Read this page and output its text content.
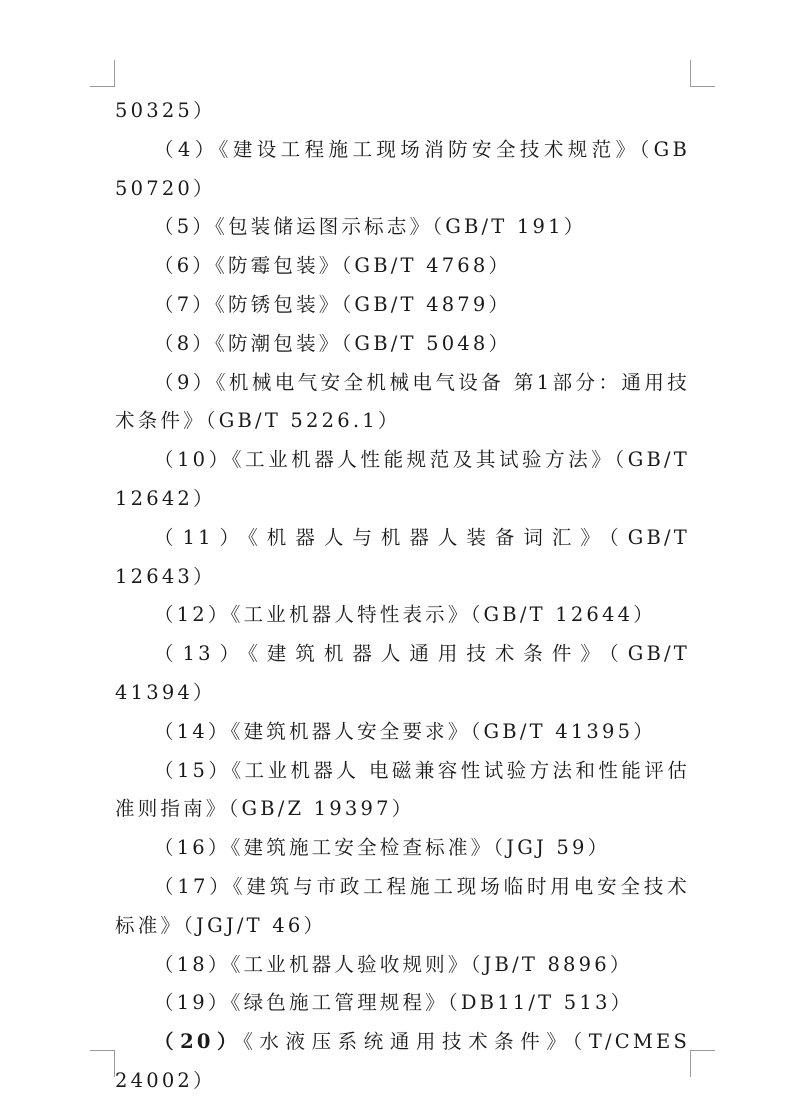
50325）

（4）《建设工程施工现场消防安全技术规范》（GB 50720）

（5）《包装储运图示标志》（GB/T 191）

（6）《防霉包装》（GB/T 4768）

（7）《防锈包装》（GB/T 4879）

（8）《防潮包装》（GB/T 5048）

（9）《机械电气安全机械电气设备 第1部分：通用技术条件》（GB/T 5226.1）

（10）《工业机器人性能规范及其试验方法》（GB/T 12642）

（11）《机器人与机器人装备词汇》（GB/T 12643）

（12）《工业机器人特性表示》（GB/T 12644）

（13）《建筑机器人通用技术条件》（GB/T 41394）

（14）《建筑机器人安全要求》（GB/T 41395）

（15）《工业机器人 电磁兼容性试验方法和性能评估准则指南》（GB/Z 19397）

（16）《建筑施工安全检查标准》（JGJ 59）

（17）《建筑与市政工程施工现场临时用电安全技术标准》（JGJ/T 46）

（18）《工业机器人验收规则》（JB/T 8896）

（19）《绿色施工管理规程》（DB11/T 513）

（20）《水液压系统通用技术条件》（T/CMES 24002）
